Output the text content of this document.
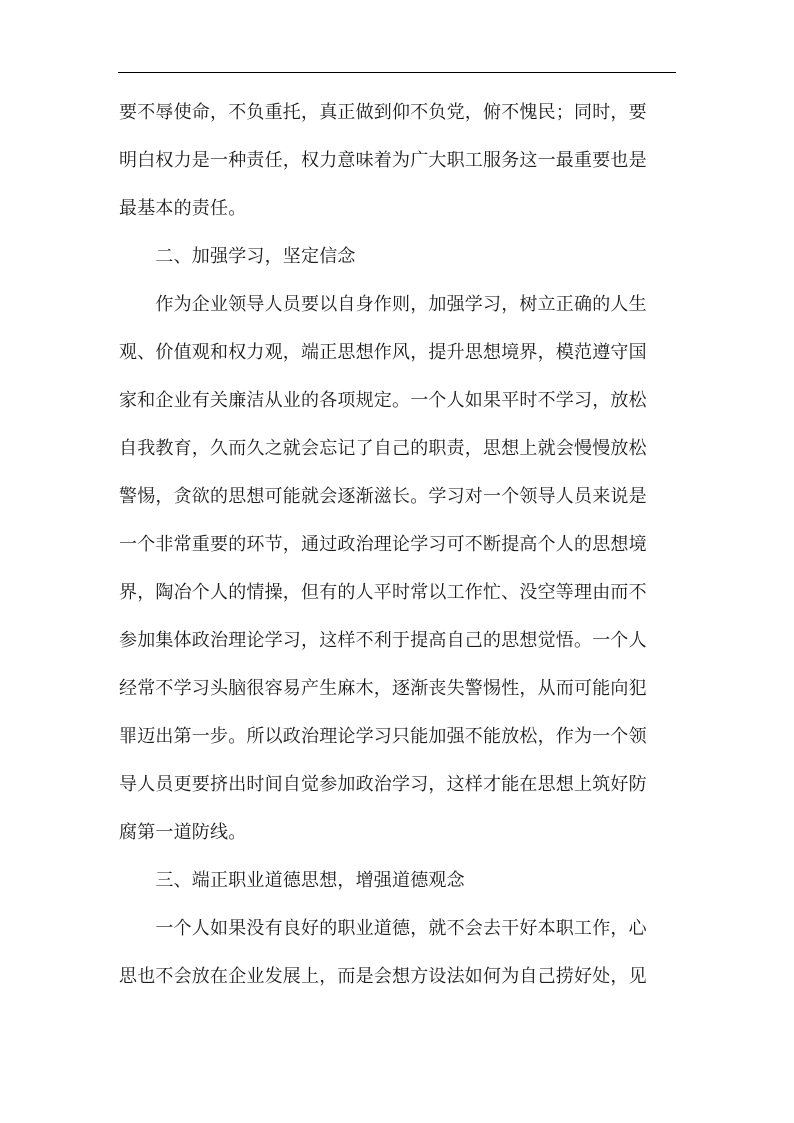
要不辱使命，不负重托，真正做到仰不负党，俯不愧民；同时，要
明白权力是一种责任，权力意味着为广大职工服务这一最重要也是
最基本的责任。
　　二、加强学习，坚定信念
　　作为企业领导人员要以自身作则，加强学习，树立正确的人生
观、价值观和权力观，端正思想作风，提升思想境界，模范遵守国
家和企业有关廉洁从业的各项规定。一个人如果平时不学习，放松
自我教育，久而久之就会忘记了自己的职责，思想上就会慢慢放松
警惕，贪欲的思想可能就会逐渐滋长。学习对一个领导人员来说是
一个非常重要的环节，通过政治理论学习可不断提高个人的思想境
界，陶冶个人的情操，但有的人平时常以工作忙、没空等理由而不
参加集体政治理论学习，这样不利于提高自己的思想觉悟。一个人
经常不学习头脑很容易产生麻木，逐渐丧失警惕性，从而可能向犯
罪迈出第一步。所以政治理论学习只能加强不能放松，作为一个领
导人员更要挤出时间自觉参加政治学习，这样才能在思想上筑好防
腐第一道防线。
　　三、端正职业道德思想，增强道德观念
　　一个人如果没有良好的职业道德，就不会去干好本职工作，心
思也不会放在企业发展上，而是会想方设法如何为自己捞好处，见
